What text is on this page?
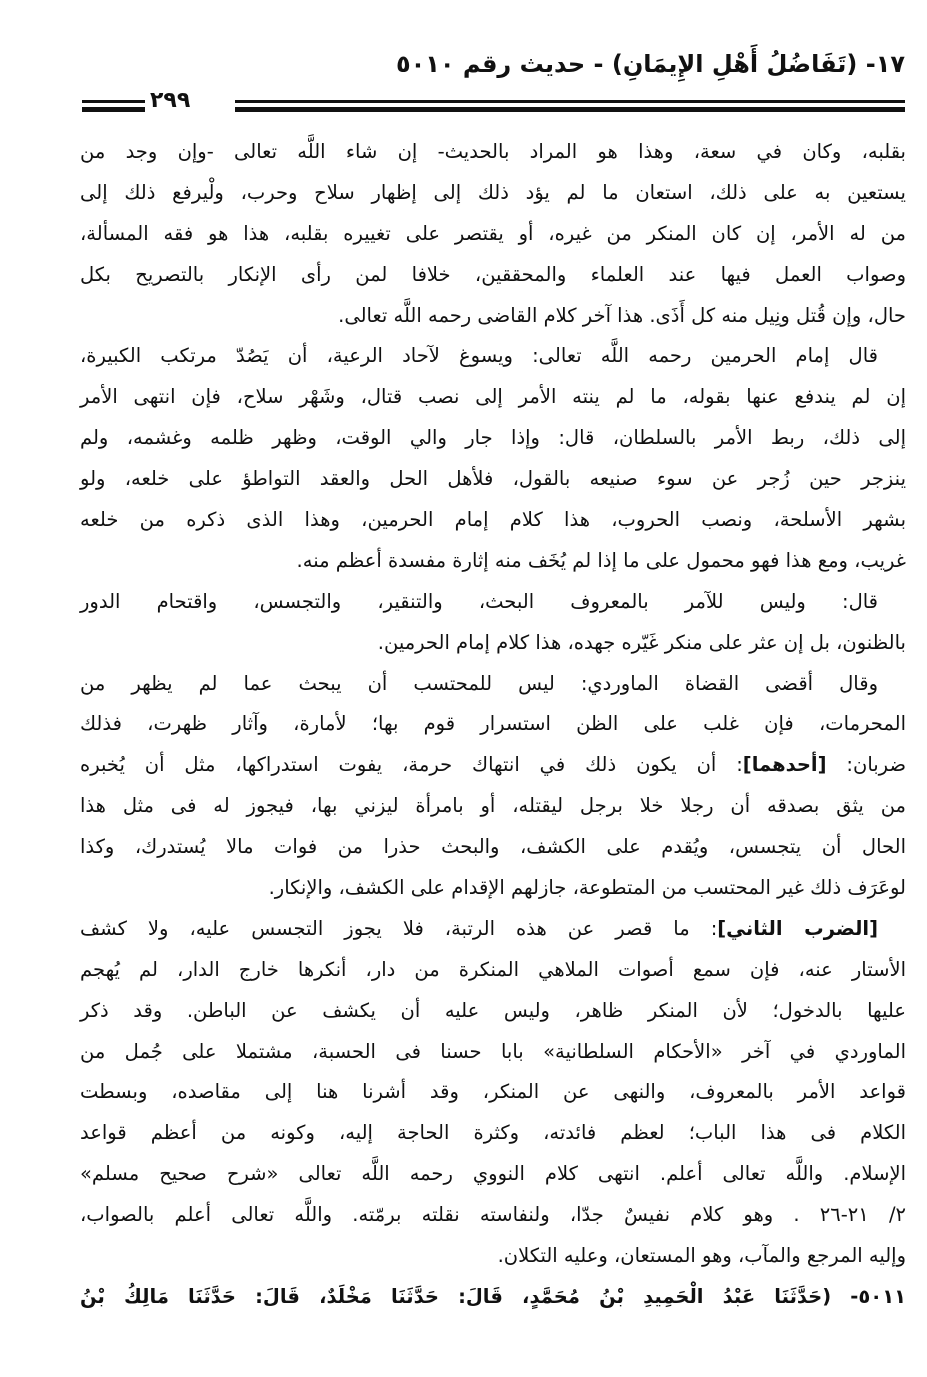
١٧- (تَفَاضُلُ أَهْلِ الإِيمَانِ) - حديث رقم ٥٠١٠
٢٩٩
بقلبه، وكان في سعة، وهذا هو المراد بالحديث- إن شاء اللَّه تعالى -وإن وجد من
يستعين به على ذلك، استعان ما لم يؤد ذلك إلى إظهار سلاح وحرب، ولْيرفع ذلك إلى
من له الأمر، إن كان المنكر من غيره، أو يقتصر على تغييره بقلبه، هذا هو فقه المسألة،
وصواب العمل فيها عند العلماء والمحققين، خلافا لمن رأى الإنكار بالتصريح بكل
حال، وإن قُتل ونِيل منه كل أَذَى. هذا آخر كلام القاضى رحمه اللَّه تعالى.
قال إمام الحرمين رحمه اللَّه تعالى: ويسوغ لآحاد الرعية، أن يَصُدّ مرتكب الكبيرة،
إن لم يندفع عنها بقوله، ما لم ينته الأمر إلى نصب قتال، وشَهْر سلاح، فإن انتهى الأمر
إلى ذلك، ربط الأمر بالسلطان، قال: وإذا جار والي الوقت، وظهر ظلمه وغشمه، ولم
ينزجر حين زُجر عن سوء صنيعه بالقول، فلأهل الحل والعقد التواطؤ على خلعه، ولو
بشهر الأسلحة، ونصب الحروب، هذا كلام إمام الحرمين، وهذا الذى ذكره من خلعه
غريب، ومع هذا فهو محمول على ما إذا لم يُخَف منه إثارة مفسدة أعظم منه.
قال: وليس للآمر بالمعروف البحث، والتنقير، والتجسس، واقتحام الدور
بالظنون، بل إن عثر على منكر غَيّره جهده، هذا كلام إمام الحرمين.
وقال أقضى القضاة الماوردي: ليس للمحتسب أن يبحث عما لم يظهر من
المحرمات، فإن غلب على الظن استسرار قوم بها؛ لأمارة، وآثار ظهرت، فذلك
ضربان: [أحدهما]: أن يكون ذلك في انتهاك حرمة، يفوت استدراكها، مثل أن يُخبره
من يثق بصدقه أن رجلا خلا برجل ليقتله، أو بامرأة ليزني بها، فيجوز له فى مثل هذا
الحال أن يتجسس، ويُقدم على الكشف، والبحث حذرا من فوات مالا يُستدرك، وكذا
لوعَرَف ذلك غير المحتسب من المتطوعة، جازلهم الإقدام على الكشف، والإنكار.
[الضرب الثاني]: ما قصر عن هذه الرتبة، فلا يجوز التجسس عليه، ولا كشف
الأستار عنه، فإن سمع أصوات الملاهي المنكرة من دار، أنكرها خارج الدار، لم يُهجم
عليها بالدخول؛ لأن المنكر ظاهر، وليس عليه أن يكشف عن الباطن. وقد ذكر
الماوردي في آخر «الأحكام السلطانية» بابا حسنا فى الحسبة، مشتملا على جُمل من
قواعد الأمر بالمعروف، والنهى عن المنكر، وقد أشرنا هنا إلى مقاصده، وبسطت
الكلام فى هذا الباب؛ لعظم فائدته، وكثرة الحاجة إليه، وكونه من أعظم قواعد
الإسلام. واللَّه تعالى أعلم. انتهى كلام النووي رحمه اللَّه تعالى «شرح صحيح مسلم»
٢/ ٢١-٢٦ . وهو كلام نفيسٌ جدّا، ولنفاسته نقلته برمّته. واللَّه تعالى أعلم بالصواب،
وإليه المرجع والمآب، وهو المستعان، وعليه التكلان.
٥٠١١- (حَدَّثَنَا عَبْدُ الْحَمِيدِ بْنُ مُحَمَّدٍ، قَالَ: حَدَّثَنَا مَخْلَدٌ، قَالَ: حَدَّثَنَا مَالِكُ بْنُ
